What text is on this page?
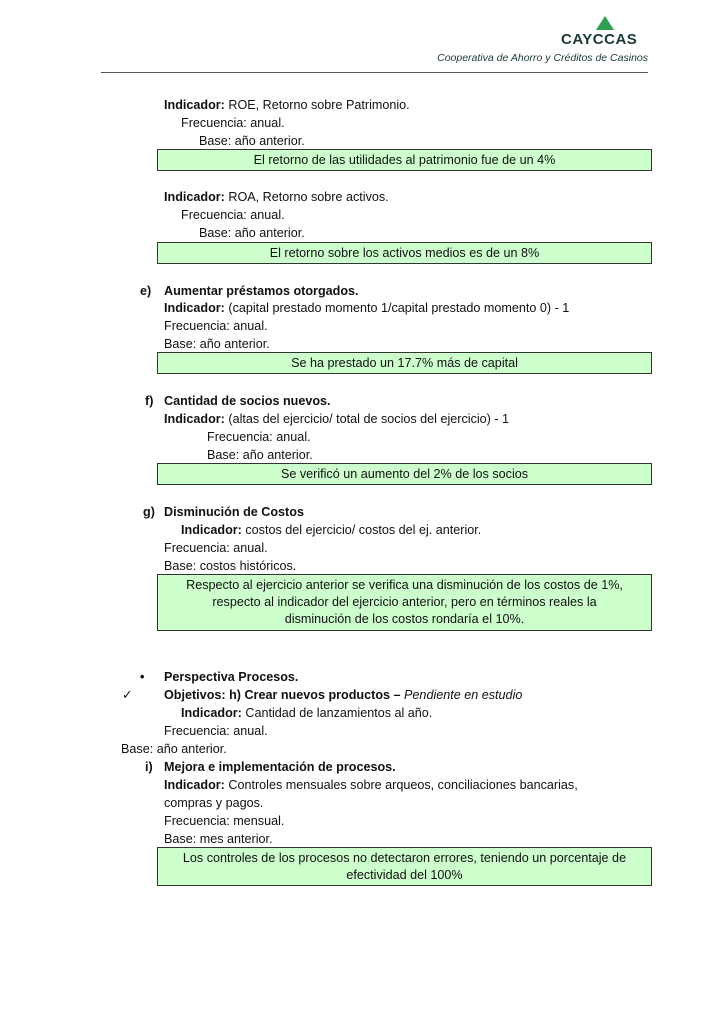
CAYCCAS
Cooperativa de Ahorro y Créditos de Casinos
Indicador: ROE, Retorno sobre Patrimonio.
Frecuencia: anual.
Base: año anterior.
El retorno de las utilidades al patrimonio fue de un 4%
Indicador: ROA, Retorno sobre activos.
Frecuencia: anual.
Base: año anterior.
El retorno sobre los activos medios es de un 8%
e) Aumentar préstamos otorgados.
Indicador: (capital prestado momento 1/capital prestado momento 0) - 1
Frecuencia: anual.
Base: año anterior.
Se ha prestado un 17.7% más de capital
f) Cantidad de socios nuevos.
Indicador: (altas del ejercicio/ total de socios del ejercicio) - 1
Frecuencia: anual.
Base: año anterior.
Se verificó un aumento del 2% de los socios
g) Disminución de Costos
Indicador: costos del ejercicio/ costos del ej. anterior.
Frecuencia: anual.
Base: costos históricos.
Respecto al ejercicio anterior se verifica una disminución de los costos de 1%,
respecto al indicador del ejercicio anterior, pero en términos reales la
disminución de los costos rondaría el 10%.
• Perspectiva Procesos.
✓ Objetivos: h) Crear nuevos productos – Pendiente en estudio
Indicador: Cantidad de lanzamientos al año.
Frecuencia: anual.
Base: año anterior.
i) Mejora e implementación de procesos.
Indicador: Controles mensuales sobre arqueos, conciliaciones bancarias,
compras y pagos.
Frecuencia: mensual.
Base: mes anterior.
Los controles de los procesos no detectaron errores, teniendo un porcentaje de
efectividad del 100%
